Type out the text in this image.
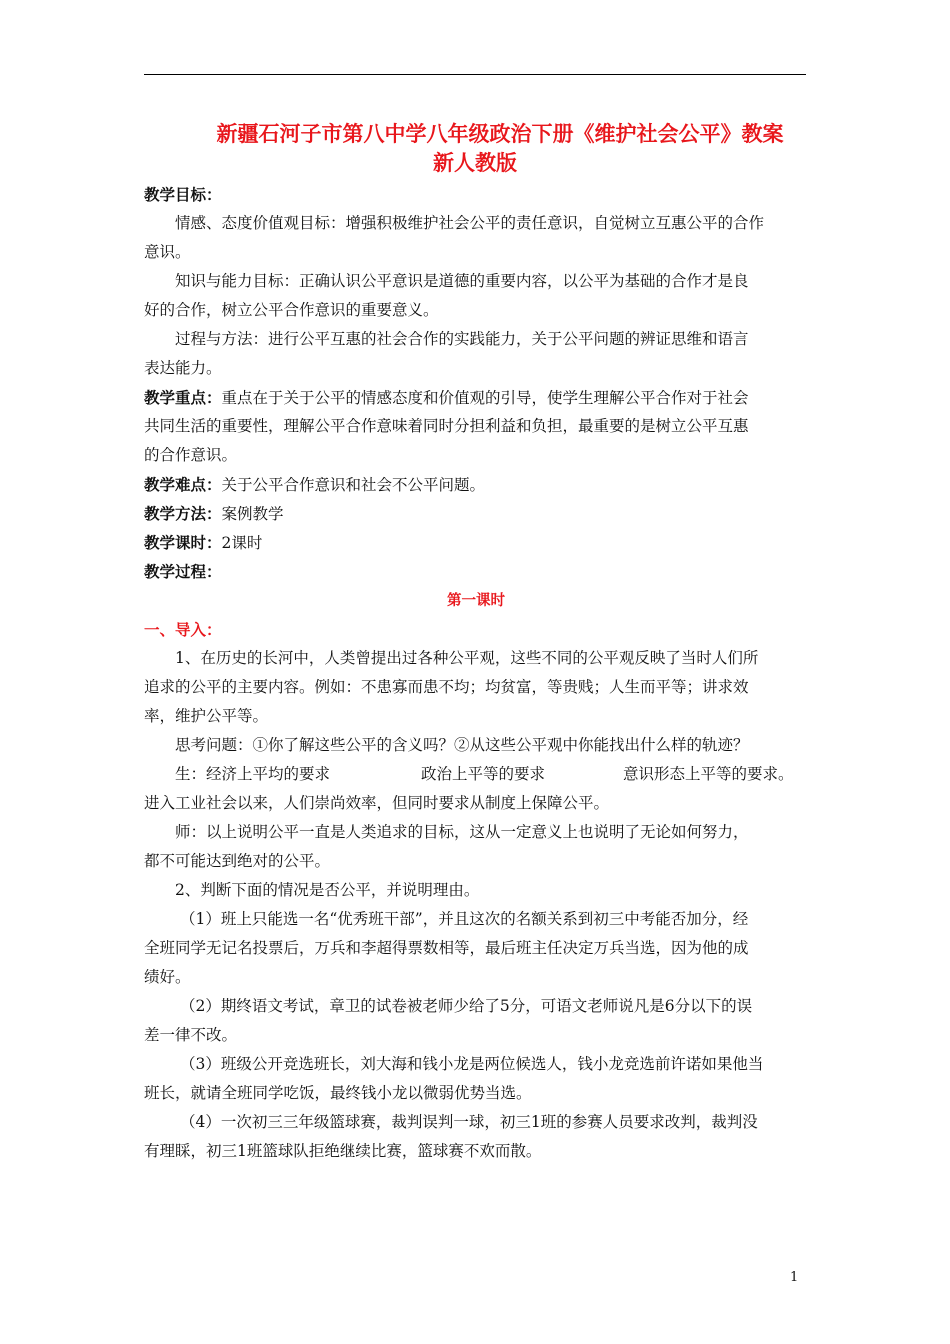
新疆石河子市第八中学八年级政治下册《维护社会公平》教案
新人教版
教学目标：
情感、态度价值观目标：增强积极维护社会公平的责任意识，自觉树立互惠公平的合作
意识。
知识与能力目标：正确认识公平意识是道德的重要内容，以公平为基础的合作才是良
好的合作，树立公平合作意识的重要意义。
过程与方法：进行公平互惠的社会合作的实践能力，关于公平问题的辨证思维和语言
表达能力。
教学重点：重点在于关于公平的情感态度和价值观的引导，使学生理解公平合作对于社会
共同生活的重要性，理解公平合作意味着同时分担利益和负担，最重要的是树立公平互惠
的合作意识。
教学难点：关于公平合作意识和社会不公平问题。
教学方法：案例教学
教学课时：2课时
教学过程：
第一课时
一、导入：
1、在历史的长河中，人类曾提出过各种公平观，这些不同的公平观反映了当时人们所
追求的公平的主要内容。例如：不患寡而患不均；均贫富，等贵贱；人生而平等；讲求效
率，维护公平等。
思考问题：①你了解这些公平的含义吗？②从这些公平观中你能找出什么样的轨迹？
生：经济上平均的要求	政治上平等的要求	意识形态上平等的要求。
进入工业社会以来，人们崇尚效率，但同时要求从制度上保障公平。
师：以上说明公平一直是人类追求的目标，这从一定意义上也说明了无论如何努力，
都不可能达到绝对的公平。
2、判断下面的情况是否公平，并说明理由。
（1）班上只能选一名“优秀班干部”，并且这次的名额关系到初三中考能否加分，经
全班同学无记名投票后，万兵和李超得票数相等，最后班主任决定万兵当选，因为他的成
绩好。
（2）期终语文考试，章卫的试卷被老师少给了5分，可语文老师说凡是6分以下的误
差一律不改。
（3）班级公开竞选班长，刘大海和钱小龙是两位候选人，钱小龙竞选前许诺如果他当
班长，就请全班同学吃饭，最终钱小龙以微弱优势当选。
（4）一次初三三年级篮球赛，裁判误判一球，初三1班的参赛人员要求改判，裁判没
有理睬，初三1班篮球队拒绝继续比赛，篮球赛不欢而散。
1
